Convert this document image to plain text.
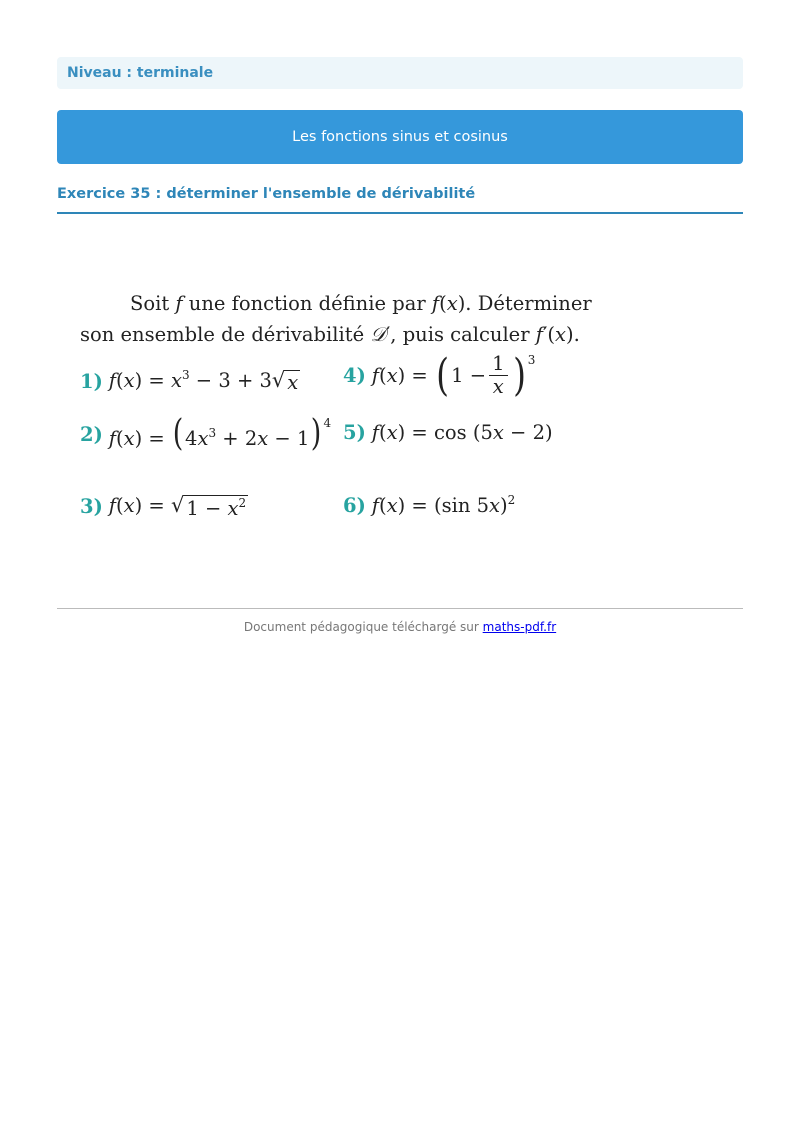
Niveau : terminale
Les fonctions sinus et cosinus
Exercice 35 : déterminer l'ensemble de dérivabilité
Soit f une fonction définie par f(x). Déterminer
son ensemble de dérivabilité 𝒟′, puis calculer f′(x).
1) $f(x) = x^3 - 3 + 3$ √ x
2) $f(x) = (4x^3 + 2x - 1)$ $^4$
3) f(x) = √ $1 - x^2$
4) f ( x ) = ( $1 - \frac{1}{x} )^3$
5) f(x) = cos (5x − 2)
6) f(x) = (sin 5x)$^2$
Document pédagogique téléchargé sur maths-pdf.fr
